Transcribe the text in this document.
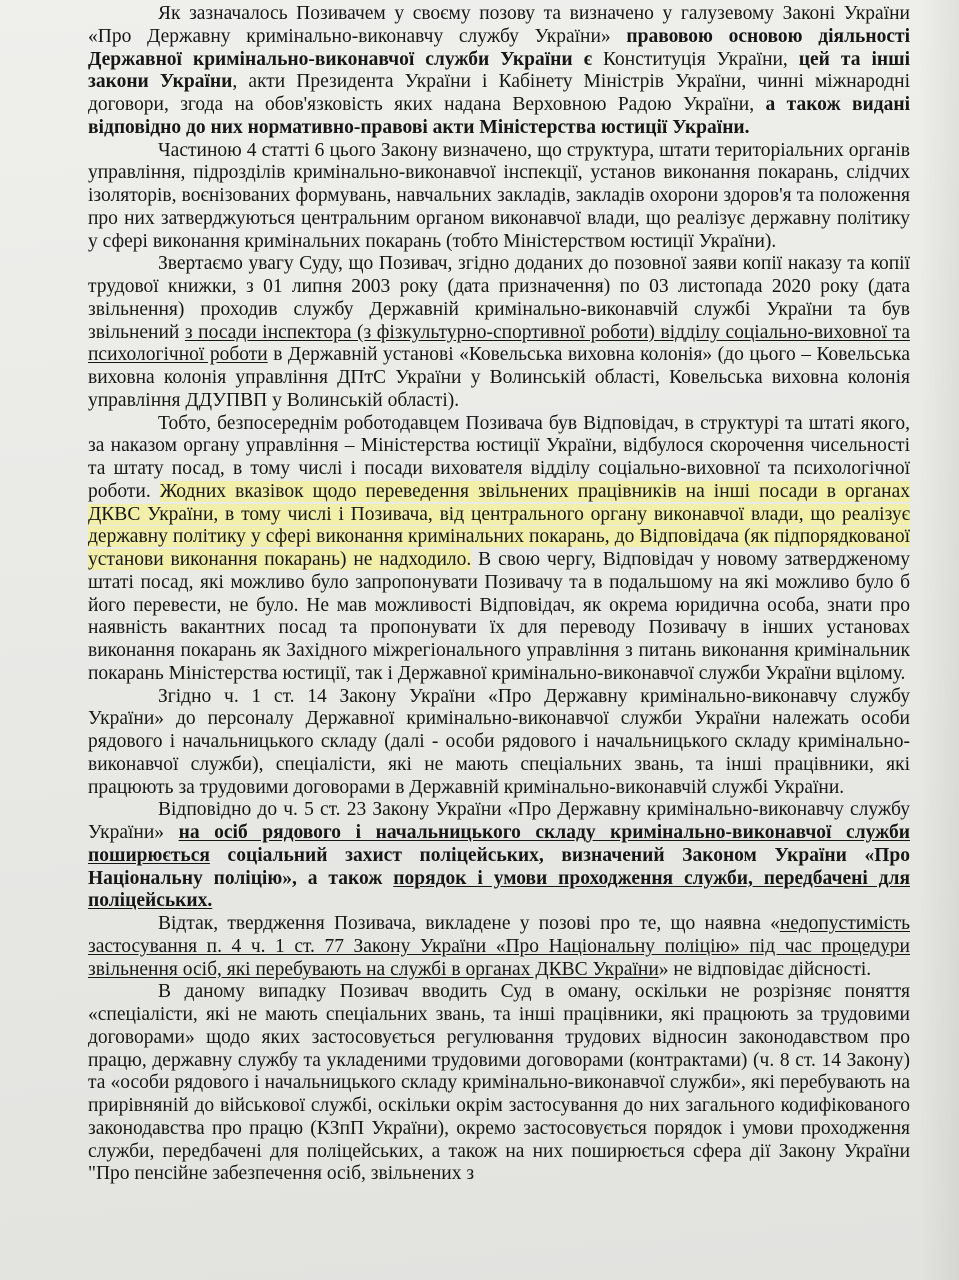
Як зазначалось Позивачем у своєму позову та визначено у галузевому Законі України «Про Державну кримінально-виконавчу службу України» правовою основою діяльності Державної кримінально-виконавчої служби України є Конституція України, цей та інші закони України, акти Президента України і Кабінету Міністрів України, чинні міжнародні договори, згода на обов'язковість яких надана Верховною Радою України, а також видані відповідно до них нормативно-правові акти Міністерства юстиції України.

Частиною 4 статті 6 цього Закону визначено, що структура, штати територіальних органів управління, підрозділів кримінально-виконавчої інспекції, установ виконання покарань, слідчих ізоляторів, воєнізованих формувань, навчальних закладів, закладів охорони здоров'я та положення про них затверджуються центральним органом виконавчої влади, що реалізує державну політику у сфері виконання кримінальних покарань (тобто Міністерством юстиції України).

Звертаємо увагу Суду, що Позивач, згідно доданих до позовної заяви копії наказу та копії трудової книжки, з 01 липня 2003 року (дата призначення) по 03 листопада 2020 року (дата звільнення) проходив службу Державній кримінально-виконавчій службі України та був звільнений з посади інспектора (з фізкультурно-спортивної роботи) відділу соціально-виховної та психологічної роботи в Державній установі «Ковельська виховна колонія» (до цього – Ковельська виховна колонія управління ДПтС України у Волинській області, Ковельська виховна колонія управління ДДУПВП у Волинській області).

Тобто, безпосереднім роботодавцем Позивача був Відповідач, в структурі та штаті якого, за наказом органу управління – Міністерства юстиції України, відбулося скорочення чисельності та штату посад, в тому числі і посади вихователя відділу соціально-виховної та психологічної роботи. Жодних вказівок щодо переведення звільнених працівників на інші посади в органах ДКВС України, в тому числі і Позивача, від центрального органу виконавчої влади, що реалізує державну політику у сфері виконання кримінальних покарань, до Відповідача (як підпорядкованої установи виконання покарань) не надходило. В свою чергу, Відповідач у новому затвердженому штаті посад, які можливо було запропонувати Позивачу та в подальшому на які можливо було б його перевести, не було. Не мав можливості Відповідач, як окрема юридична особа, знати про наявність вакантних посад та пропонувати їх для переводу Позивачу в інших установах виконання покарань як Західного міжрегіонального управління з питань виконання кримінальник покарань Міністерства юстиції, так і Державної кримінально-виконавчої служби України вцілому.

Згідно ч. 1 ст. 14 Закону України «Про Державну кримінально-виконавчу службу України» до персоналу Державної кримінально-виконавчої служби України належать особи рядового і начальницького складу (далі - особи рядового і начальницького складу кримінально-виконавчої служби), спеціалісти, які не мають спеціальних звань, та інші працівники, які працюють за трудовими договорами в Державній кримінально-виконавчій службі України.

Відповідно до ч. 5 ст. 23 Закону України «Про Державну кримінально-виконавчу службу України» на осіб рядового і начальницького складу кримінально-виконавчої служби поширюється соціальний захист поліцейських, визначений Законом України «Про Національну поліцію», а також порядок і умови проходження служби, передбачені для поліцейських.

Відтак, твердження Позивача, викладене у позові про те, що наявна «недопустимість застосування п. 4 ч. 1 ст. 77 Закону України «Про Національну поліцію» під час процедури звільнення осіб, які перебувають на службі в органах ДКВС України» не відповідає дійсності.

В даному випадку Позивач вводить Суд в оману, оскільки не розрізняє поняття «спеціалісти, які не мають спеціальних звань, та інші працівники, які працюють за трудовими договорами» щодо яких застосовується регулювання трудових відносин законодавством про працю, державну службу та укладеними трудовими договорами (контрактами) (ч. 8 ст. 14 Закону) та «особи рядового і начальницького складу кримінально-виконавчої служби», які перебувають на прирівняній до військової службі, оскільки окрім застосування до них загального кодифікованого законодавства про працю (КЗпП України), окремо застосовується порядок і умови проходження служби, передбачені для поліцейських, а також на них поширюється сфера дії Закону України "Про пенсійне забезпечення осіб, звільнених з
